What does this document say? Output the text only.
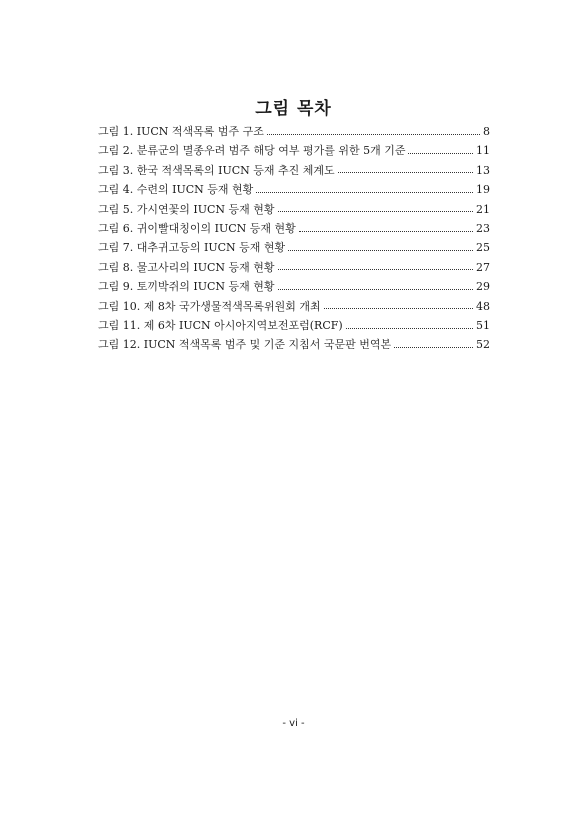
그림 목차
그림 1. IUCN 적색목록 범주 구조	8
그림 2. 분류군의 멸종우려 범주 해당 여부 평가를 위한 5개 기준	11
그림 3. 한국 적색목록의 IUCN 등재 추진 체계도	13
그림 4. 수련의 IUCN 등재 현황	19
그림 5. 가시연꽃의 IUCN 등재 현황	21
그림 6. 귀이빨대칭이의 IUCN 등재 현황	23
그림 7. 대추귀고등의 IUCN 등재 현황	25
그림 8. 물고사리의 IUCN 등재 현황	27
그림 9. 토끼박쥐의 IUCN 등재 현황	29
그림 10. 제 8차 국가생물적색목록위원회 개최	48
그림 11. 제 6차 IUCN 아시아지역보전포럼(RCF)	51
그림 12. IUCN 적색목록 범주 및 기준 지침서 국문판 번역본	52
- vi -
